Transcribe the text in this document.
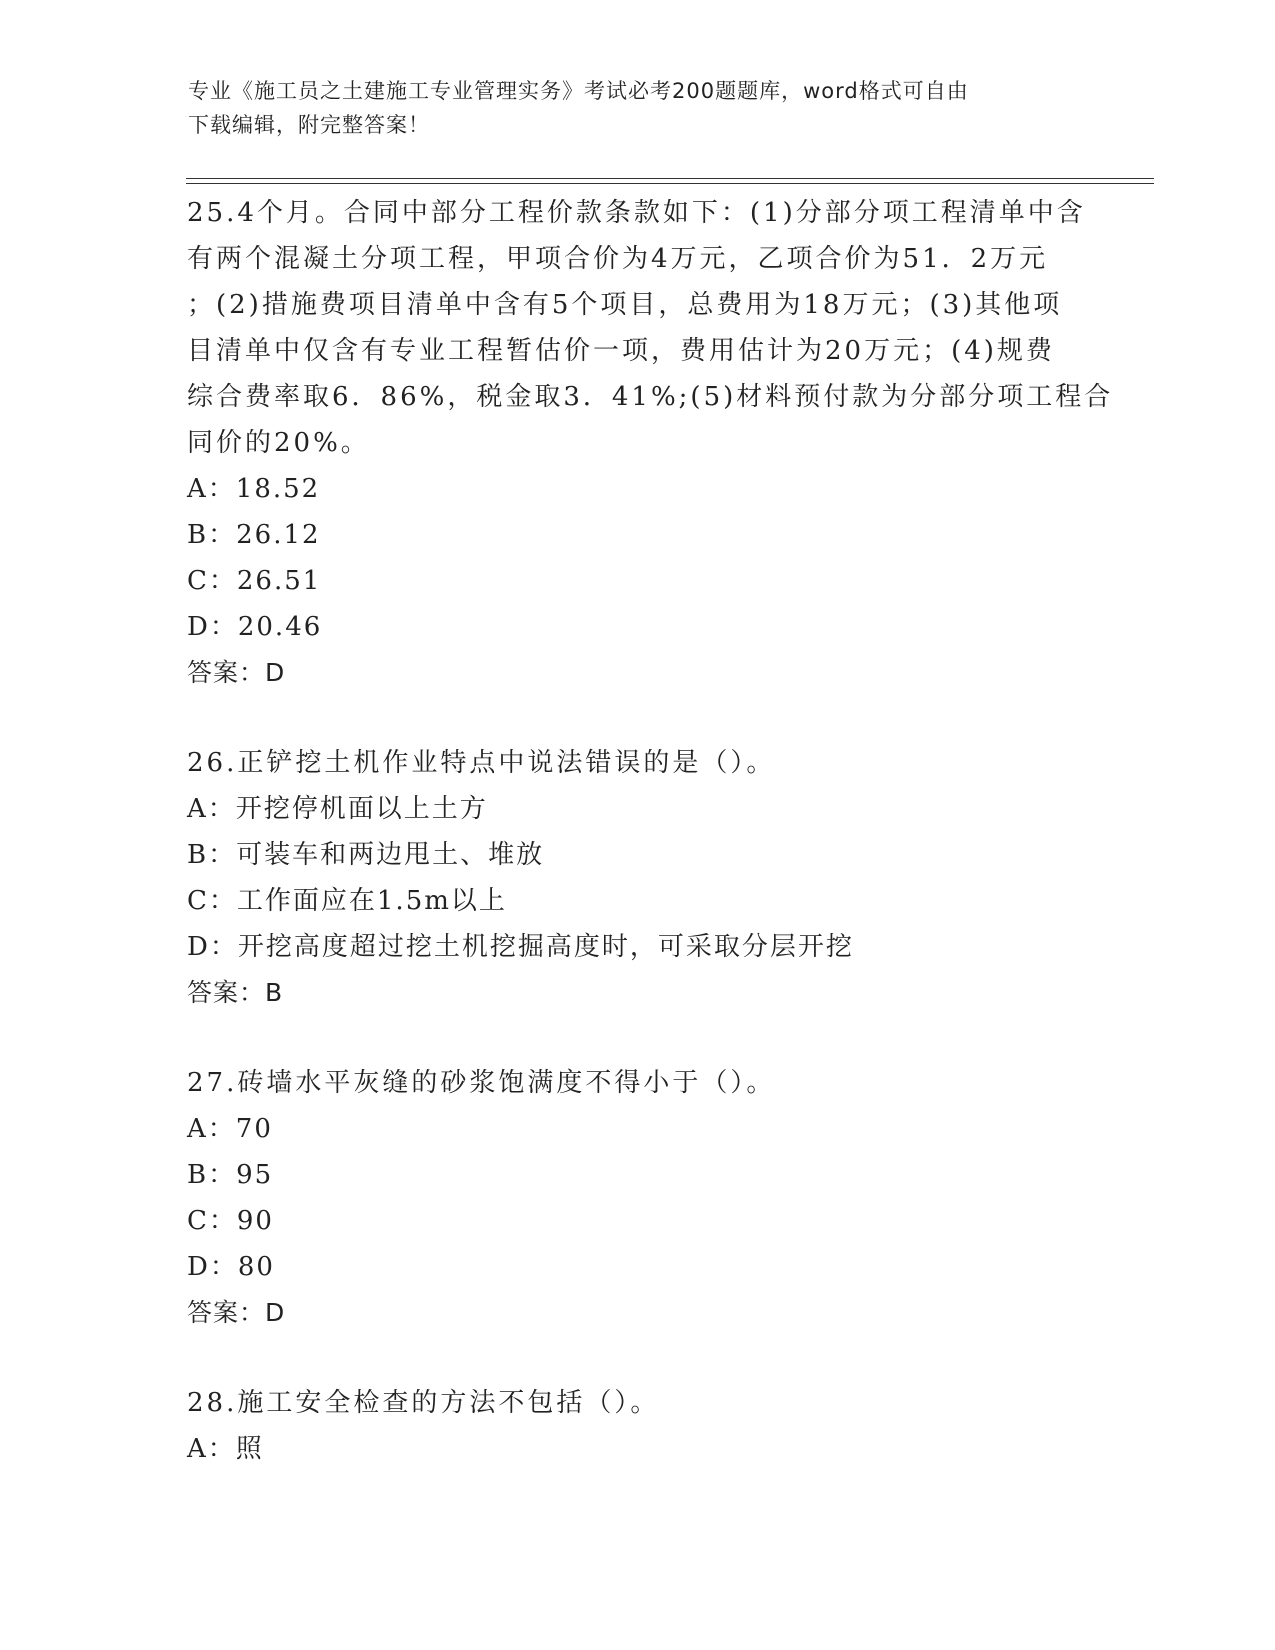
专业《施工员之土建施工专业管理实务》考试必考200题题库，word格式可自由
下载编辑，附完整答案！
25.4个月。合同中部分工程价款条款如下：(1)分部分项工程清单中含
有两个混凝土分项工程，甲项合价为4万元，乙项合价为51．2万元
；(2)措施费项目清单中含有5个项目，总费用为18万元；(3)其他项
目清单中仅含有专业工程暂估价一项，费用估计为20万元；(4)规费
综合费率取6．86%，税金取3．41%;(5)材料预付款为分部分项工程合
同价的20%。
A：18.52
B：26.12
C：26.51
D：20.46
答案：D
26.正铲挖土机作业特点中说法错误的是（）。
A：开挖停机面以上土方
B：可装车和两边甩土、堆放
C：工作面应在1.5m以上
D：开挖高度超过挖土机挖掘高度时，可采取分层开挖
答案：B
27.砖墙水平灰缝的砂浆饱满度不得小于（）。
A：70
B：95
C：90
D：80
答案：D
28.施工安全检查的方法不包括（）。
A：照
